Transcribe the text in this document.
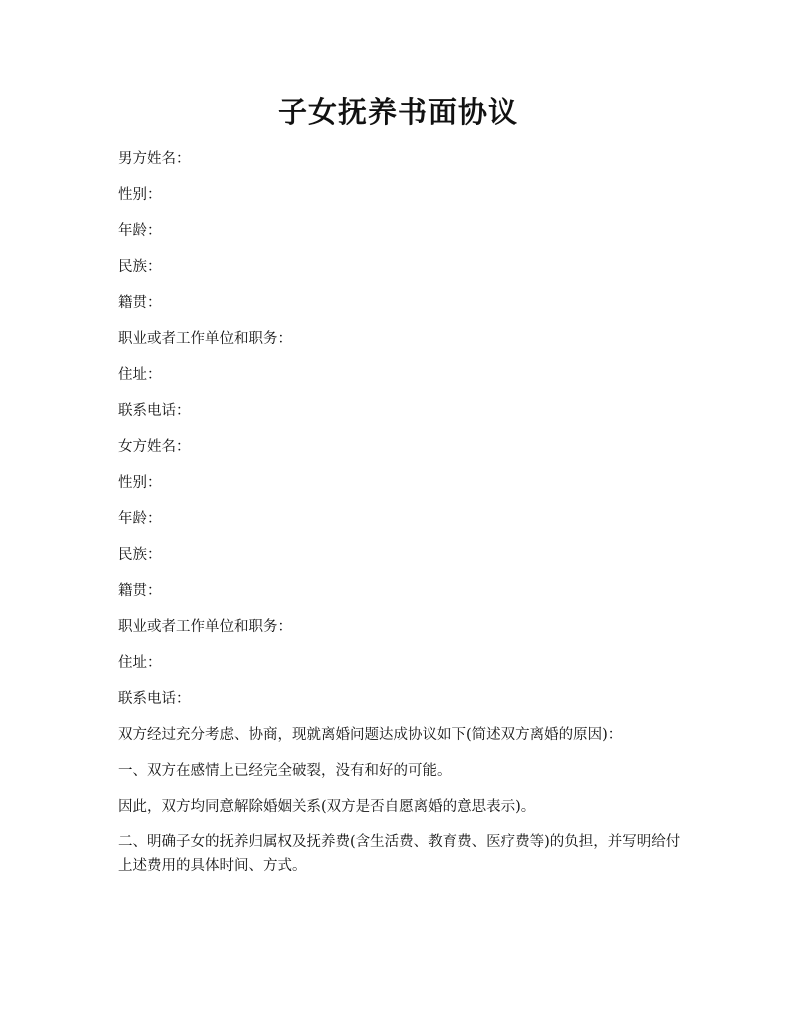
子女抚养书面协议

男方姓名：

性别：

年龄：

民族：

籍贯：

职业或者工作单位和职务：

住址：

联系电话：

女方姓名：

性别：

年龄：

民族：

籍贯：

职业或者工作单位和职务：

住址：

联系电话：

双方经过充分考虑、协商，现就离婚问题达成协议如下(简述双方离婚的原因)：

一、双方在感情上已经完全破裂，没有和好的可能。

因此，双方均同意解除婚姻关系(双方是否自愿离婚的意思表示)。

二、明确子女的抚养归属权及抚养费(含生活费、教育费、医疗费等)的负担，并写明给付上述费用的具体时间、方式。
